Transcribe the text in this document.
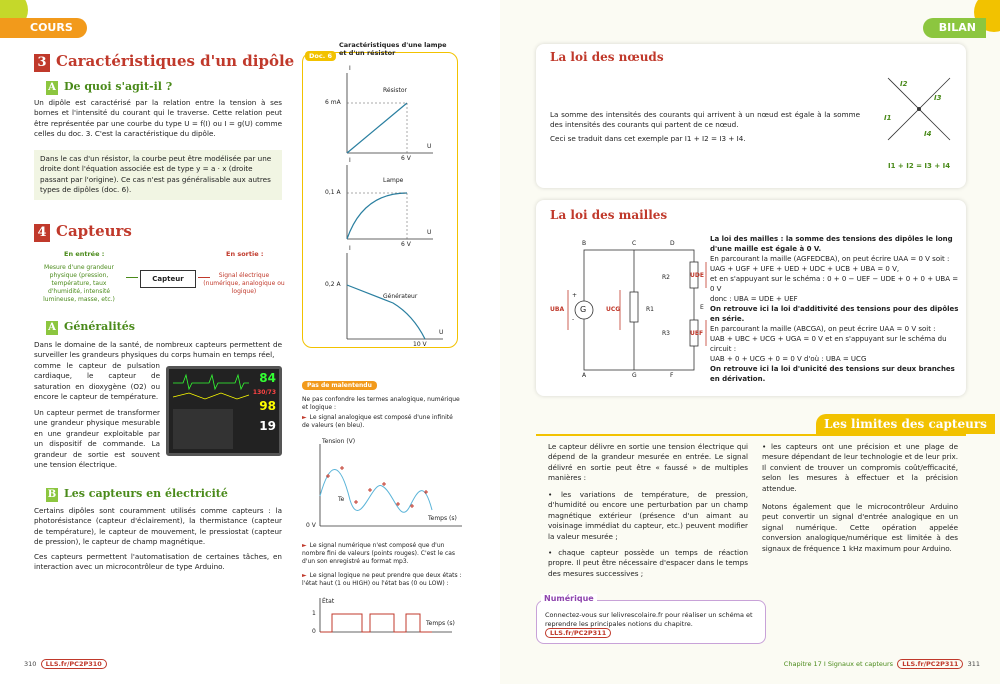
COURS
3 Caractéristiques d'un dipôle
A De quoi s'agit-il ?
Un dipôle est caractérisé par la relation entre la tension à ses bornes et l'intensité du courant qui le traverse. Cette relation peut être représentée par une courbe du type U = f(I) ou I = g(U) comme celles du doc. 3. C'est la caractéristique du dipôle.
Dans le cas d'un résistor, la courbe peut être modélisée par une droite dont l'équation associée est de type y = a · x (droite passant par l'origine). Ce cas n'est pas généralisable aux autres types de dipôles (doc. 6).
4 Capteurs
En entrée :
Mesure d'une grandeur physique (pression, température, taux d'humidité, intensité lumineuse, masse, etc.)
Capteur
En sortie :
Signal électrique (numérique, analogique ou logique)
A Généralités
Dans le domaine de la santé, de nombreux capteurs permettent de surveiller les grandeurs physiques du corps humain en temps réel,
comme le capteur de pulsation cardiaque, le capteur de saturation en dioxygène (O2) ou encore le capteur de température.
Un capteur permet de transformer une grandeur physique mesurable en une grandeur exploitable par un dispositif de commande. La grandeur de sortie est souvent une tension électrique.
84
130/73
98
19
B Les capteurs en électricité
Certains dipôles sont couramment utilisés comme capteurs : la photorésistance (capteur d'éclairement), la thermistance (capteur de température), le capteur de mouvement, le pressiostat (capteur de pression), le capteur de champ magnétique.
Ces capteurs permettent l'automatisation de certaines tâches, en interaction avec un microcontrôleur de type Arduino.
Doc. 6
Caractéristiques d'une lampe et d'un résistor
Résistor
6 mA
6 V
I
U
Lampe
0,1 A
6 V
I
U
Générateur
0,2 A
10 V
I
U
Pas de malentendu
Ne pas confondre les termes analogique, numérique et logique :
► Le signal analogique est composé d'une infinité de valeurs (en bleu).
Tension (V)
Temps (s)
0 V
Te
► Le signal numérique n'est composé que d'un nombre fini de valeurs (points rouges). C'est le cas d'un son enregistré au format mp3.
► Le signal logique ne peut prendre que deux états : l'état haut (1 ou HIGH) ou l'état bas (0 ou LOW) :
État
1
0
Temps (s)
310 LLS.fr/PC2P310
BILAN
La loi des nœuds
La somme des intensités des courants qui arrivent à un nœud est égale à la somme des intensités des courants qui partent de ce nœud.
Ceci se traduit dans cet exemple par I1 + I2 = I3 + I4.
I2
I3
I1
I4
I1 + I2 = I3 + I4
La loi des mailles
B	C	D
A	G	F
E
G
UBA	UCG	R1
R2
R3
UDE
UEF
+
-
La loi des mailles : la somme des tensions des dipôles le long d'une maille est égale à 0 V.
En parcourant la maille (AGFEDCBA), on peut écrire UAA = 0 V soit :
UAG + UGF + UFE + UED + UDC + UCB + UBA = 0 V,
et en s'appuyant sur le schéma : 0 + 0 − UEF − UDE + 0 + 0 + UBA = 0 V
donc : UBA = UDE + UEF
On retrouve ici la loi d'additivité des tensions pour des dipôles en série.
En parcourant la maille (ABCGA), on peut écrire UAA = 0 V soit :
UAB + UBC + UCG + UGA = 0 V et en s'appuyant sur le schéma du circuit :
UAB + 0 + UCG + 0 = 0 V d'où : UBA = UCG
On retrouve ici la loi d'unicité des tensions sur deux branches en dérivation.
Les limites des capteurs
Le capteur délivre en sortie une tension électrique qui dépend de la grandeur mesurée en entrée. Le signal délivré en sortie peut être « faussé » de multiples manières :
• les variations de température, de pression, d'humidité ou encore une perturbation par un champ magnétique extérieur (présence d'un aimant au voisinage immédiat du capteur, etc.) peuvent modifier la valeur mesurée ;
• chaque capteur possède un temps de réaction propre. Il peut être nécessaire d'espacer dans le temps des mesures successives ;
• les capteurs ont une précision et une plage de mesure dépendant de leur technologie et de leur prix. Il convient de trouver un compromis coût/efficacité, selon les mesures à effectuer et la précision attendue.
Notons également que le microcontrôleur Arduino peut convertir un signal d'entrée analogique en un signal numérique. Cette opération appelée conversion analogique/numérique est limitée à des signaux de fréquence 1 kHz maximum pour Arduino.
Numérique
Connectez-vous sur lelivrescolaire.fr pour réaliser un schéma et reprendre les principales notions du chapitre. LLS.fr/PC2P311
Chapitre 17 I Signaux et capteurs LLS.fr/PC2P311 311
